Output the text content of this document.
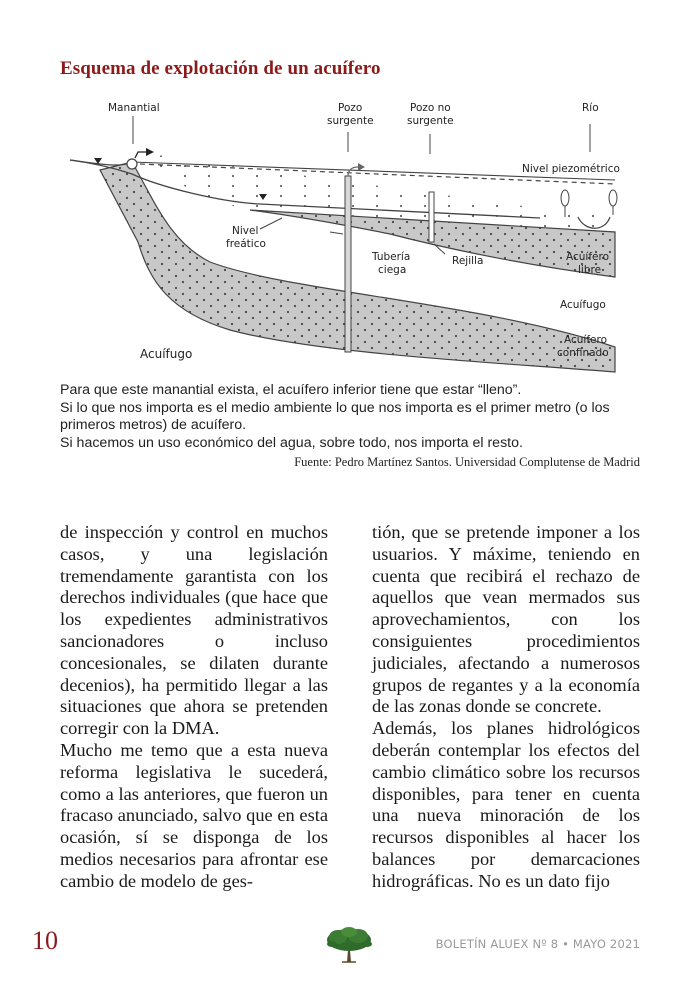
Esquema de explotación de un acuífero
Manantial	Pozo
surgente
Pozo no
surgente
Río
Nivel piezométrico
Nivel
freático
Tubería
ciega
Rejilla	Acuífero
libre
Acuífugo
Acuífero
confinado
Acuífugo

Para que este manantial exista, el acuífero inferior tiene que estar “lleno”.

Si lo que nos importa es el medio ambiente lo que nos importa es el primer metro (o los primeros metros) de acuífero.

Si hacemos un uso económico del agua, sobre todo, nos importa el resto.

Fuente: Pedro Martínez Santos. Universidad Complutense de Madrid

de inspección y control en muchos casos, y una legislación tremendamente garantista con los derechos individuales (que hace que los expedientes administrativos sancionadores o incluso concesionales, se dilaten durante decenios), ha permitido llegar a las situaciones que ahora se pretenden corregir con la DMA.

Mucho me temo que a esta nueva reforma legislativa le sucederá, como a las anteriores, que fueron un fracaso anunciado, salvo que en esta ocasión, sí se disponga de los medios necesarios para afrontar ese cambio de modelo de ges-

tión, que se pretende imponer a los usuarios. Y máxime, teniendo en cuenta que recibirá el rechazo de aquellos que vean mermados sus aprovechamientos, con los consiguientes procedimientos judiciales, afectando a numerosos grupos de regantes y a la economía de las zonas donde se concrete.

Además, los planes hidrológicos deberán contemplar los efectos del cambio climático sobre los recursos disponibles, para tener en cuenta una nueva minoración de los recursos disponibles al hacer los balances por demarcaciones hidrográficas. No es un dato fijo

10	BOLETÍN ALUEX Nº 8 • MAYO 2021
